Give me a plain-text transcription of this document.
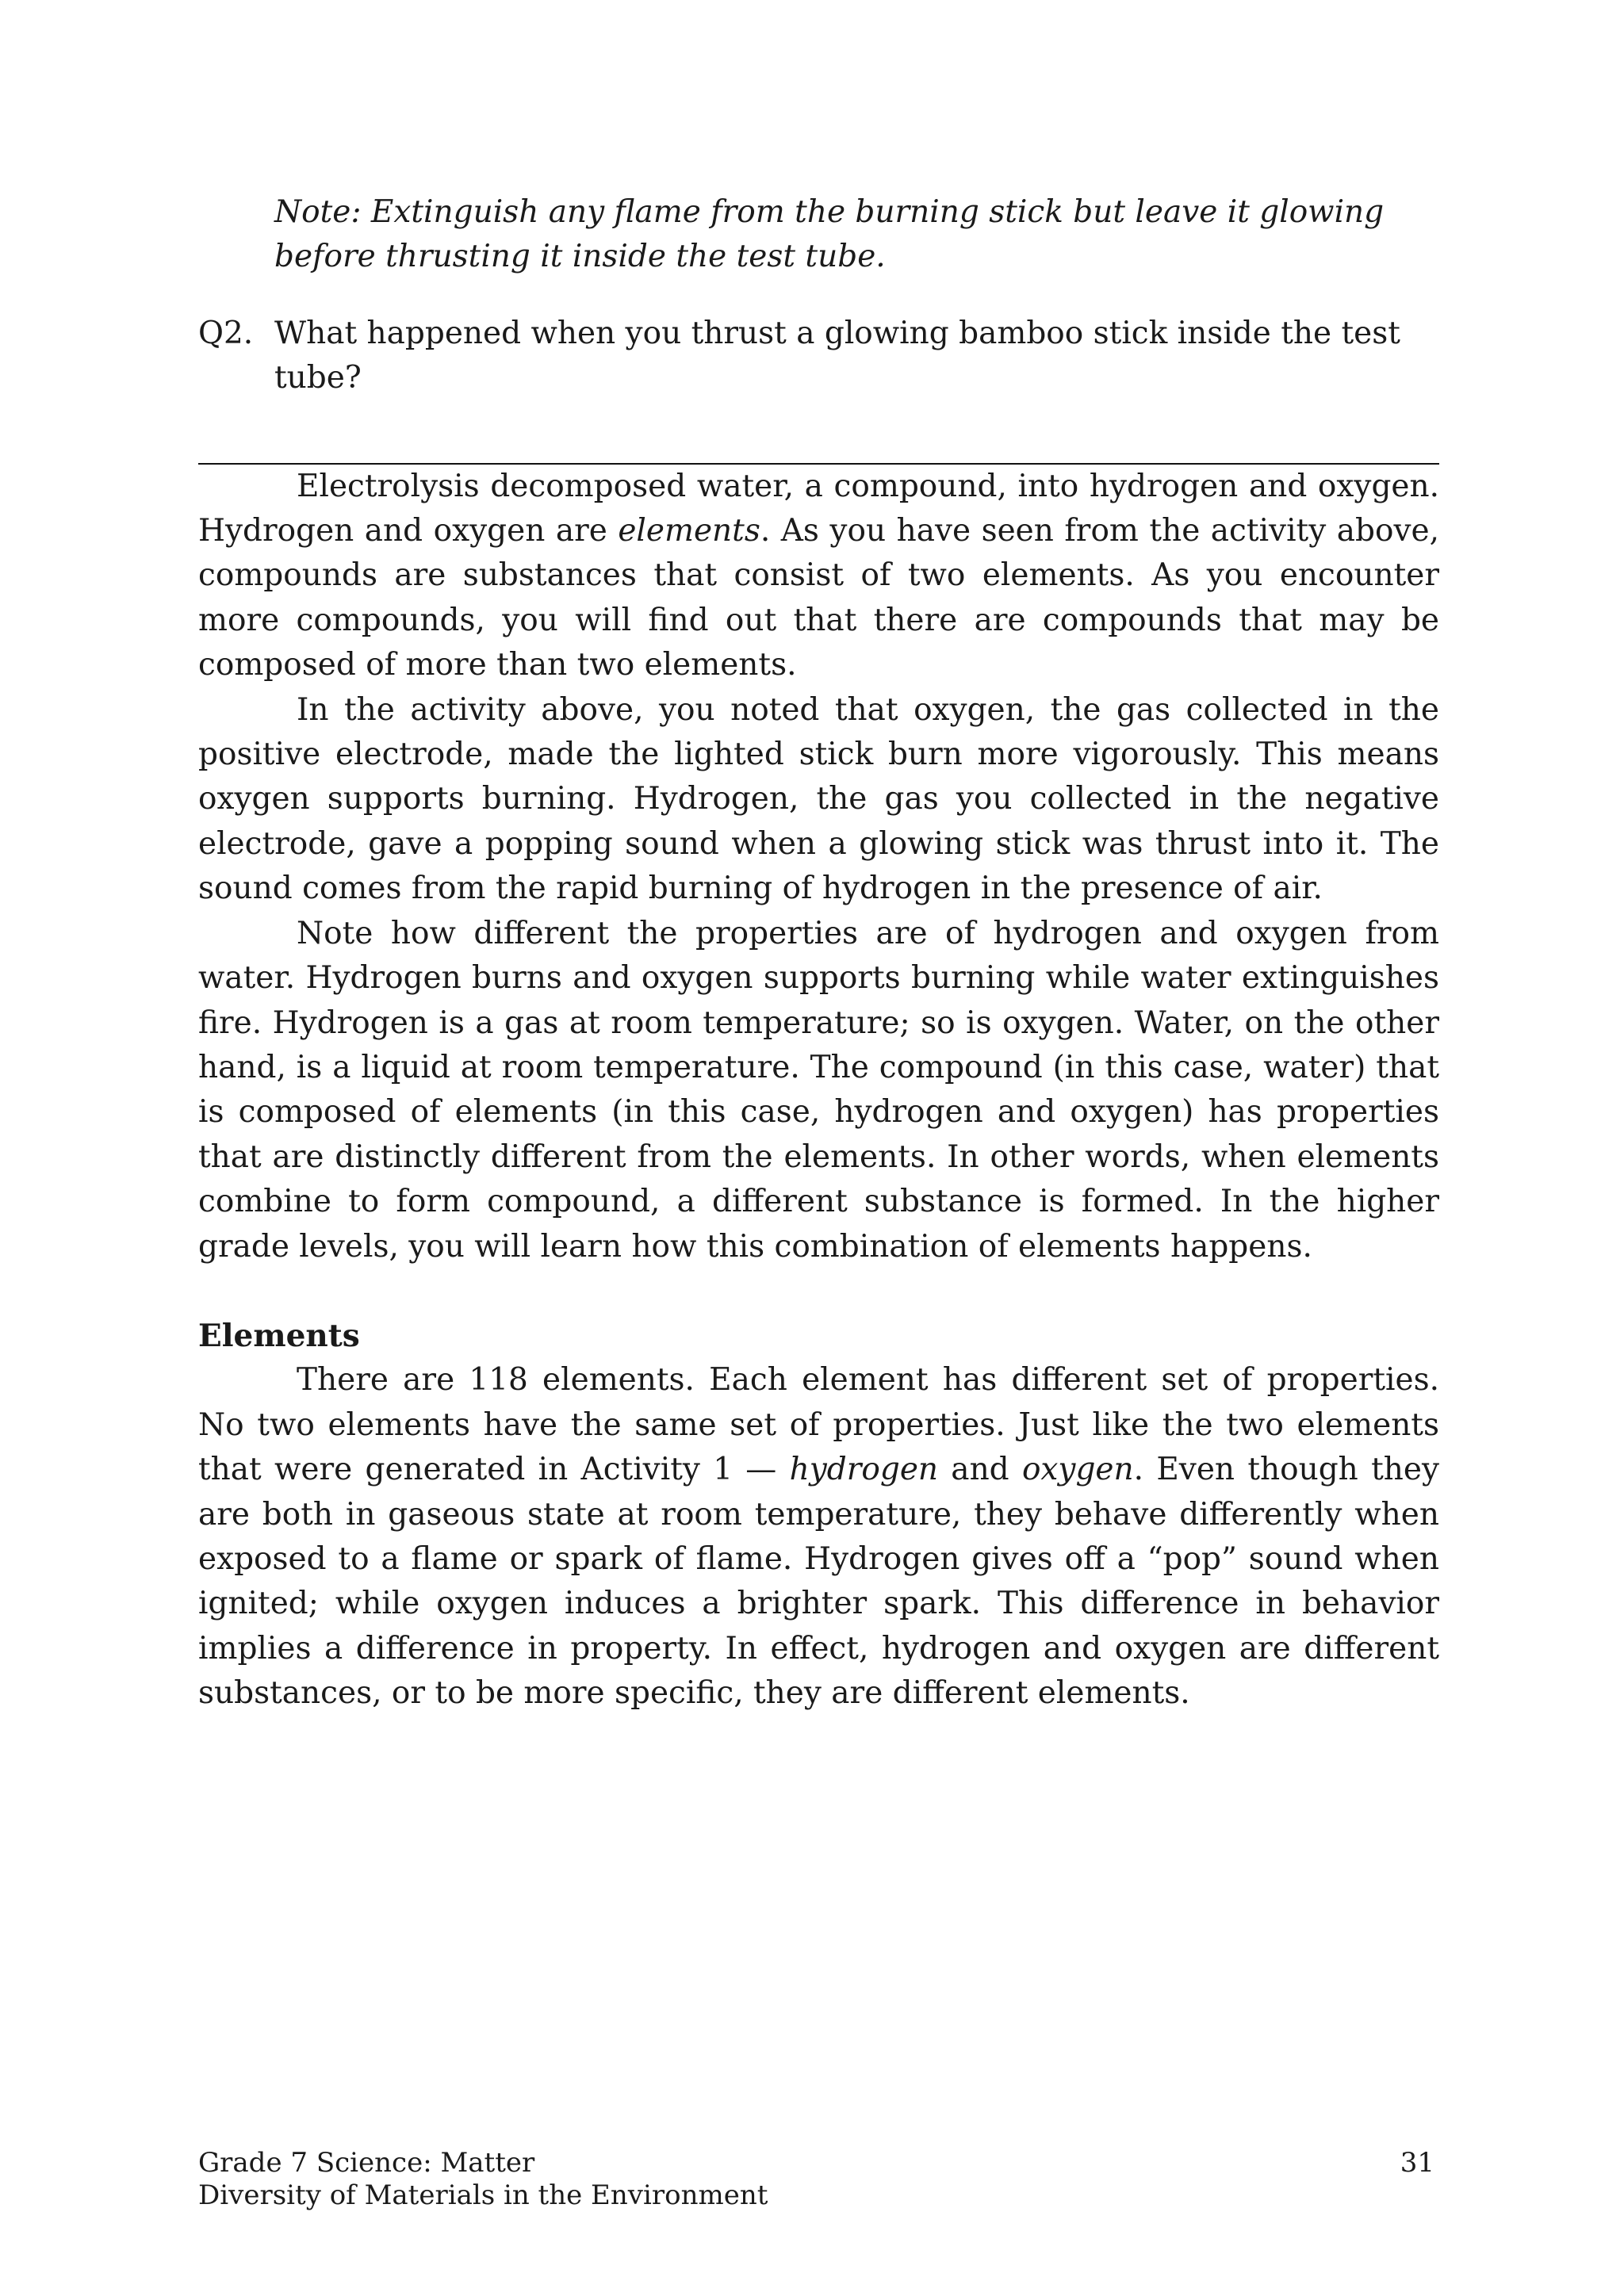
Note: Extinguish any flame from the burning stick but leave it glowing before thrusting it inside the test tube.

Q2. What happened when you thrust a glowing bamboo stick inside the test tube?

Electrolysis decomposed water, a compound, into hydrogen and oxygen. Hydrogen and oxygen are elements. As you have seen from the activity above, compounds are substances that consist of two elements. As you encounter more compounds, you will find out that there are compounds that may be composed of more than two elements.

In the activity above, you noted that oxygen, the gas collected in the positive electrode, made the lighted stick burn more vigorously. This means oxygen supports burning. Hydrogen, the gas you collected in the negative electrode, gave a popping sound when a glowing stick was thrust into it. The sound comes from the rapid burning of hydrogen in the presence of air.

Note how different the properties are of hydrogen and oxygen from water. Hydrogen burns and oxygen supports burning while water extinguishes fire. Hydrogen is a gas at room temperature; so is oxygen. Water, on the other hand, is a liquid at room temperature. The compound (in this case, water) that is composed of elements (in this case, hydrogen and oxygen) has properties that are distinctly different from the elements. In other words, when elements combine to form compound, a different substance is formed. In the higher grade levels, you will learn how this combination of elements happens.

Elements

There are 118 elements. Each element has different set of properties. No two elements have the same set of properties. Just like the two elements that were generated in Activity 1 — hydrogen and oxygen. Even though they are both in gaseous state at room temperature, they behave differently when exposed to a flame or spark of flame. Hydrogen gives off a “pop” sound when ignited; while oxygen induces a brighter spark. This difference in behavior implies a difference in property. In effect, hydrogen and oxygen are different substances, or to be more specific, they are different elements.

Grade 7 Science: Matter
Diversity of Materials in the Environment
31
